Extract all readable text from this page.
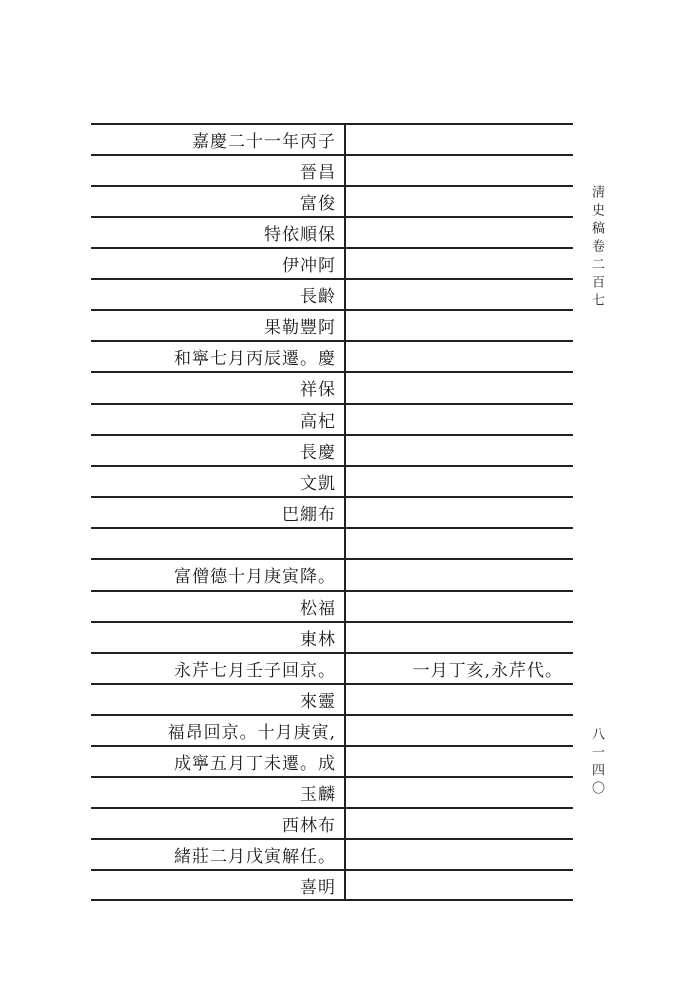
嘉慶二十一年丙子
晉昌
富俊
特依順保
伊冲阿
長齡
果勒豐阿
和寧七月丙辰遷。慶
祥保
高杞
長慶
文凱
巴綳布
富僧德十月庚寅降。
松福
東林
永芹七月壬子回京。	一月丁亥,永芹代。
來靈
福昂回京。十月庚寅,
成寧五月丁未遷。成
玉麟
西林布
緒莊二月戊寅解任。
喜明
淸史稿卷二百七
八一四〇
